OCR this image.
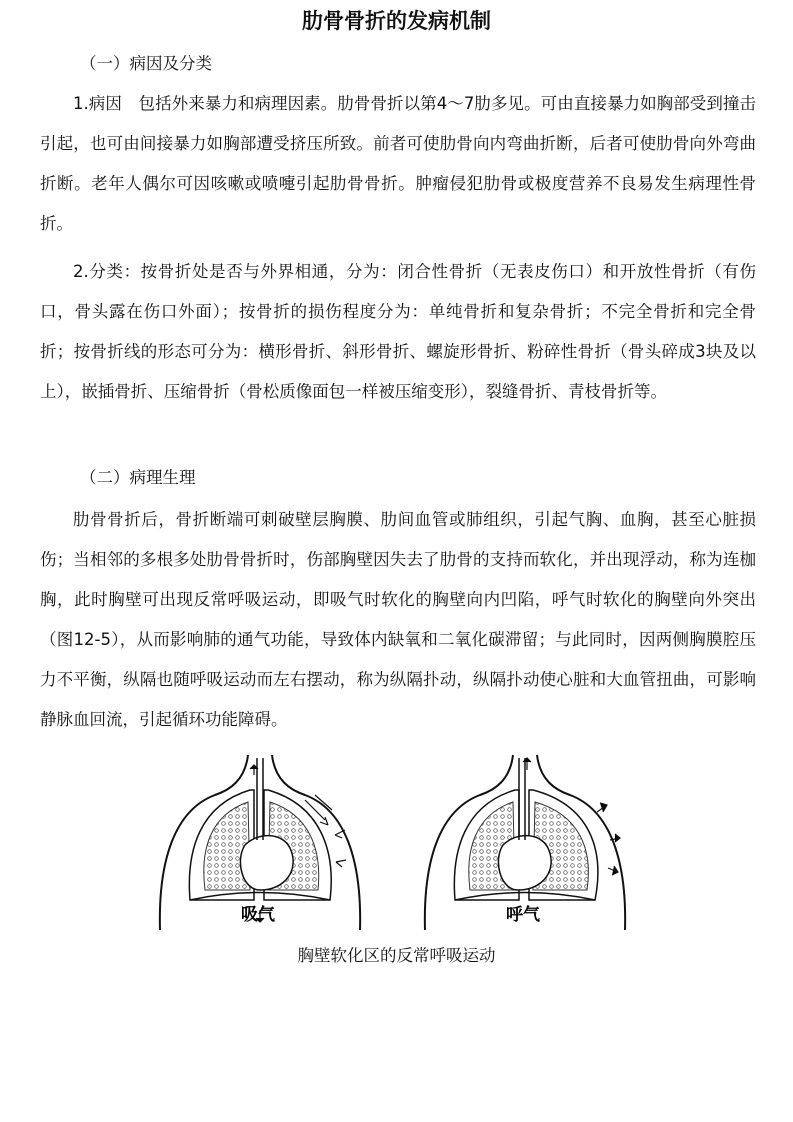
肋骨骨折的发病机制
（一）病因及分类

1.病因　包括外来暴力和病理因素。肋骨骨折以第4～7肋多见。可由直接暴力如胸部受到撞击引起，也可由间接暴力如胸部遭受挤压所致。前者可使肋骨向内弯曲折断，后者可使肋骨向外弯曲折断。老年人偶尔可因咳嗽或喷嚏引起肋骨骨折。肿瘤侵犯肋骨或极度营养不良易发生病理性骨折。

2.分类：按骨折处是否与外界相通，分为：闭合性骨折（无表皮伤口）和开放性骨折（有伤口，骨头露在伤口外面）；按骨折的损伤程度分为：单纯骨折和复杂骨折；不完全骨折和完全骨折；按骨折线的形态可分为：横形骨折、斜形骨折、螺旋形骨折、粉碎性骨折（骨头碎成3块及以上），嵌插骨折、压缩骨折（骨松质像面包一样被压缩变形），裂缝骨折、青枝骨折等。

（二）病理生理

肋骨骨折后，骨折断端可刺破壁层胸膜、肋间血管或肺组织，引起气胸、血胸，甚至心脏损伤；当相邻的多根多处肋骨骨折时，伤部胸壁因失去了肋骨的支持而软化，并出现浮动，称为连枷胸，此时胸壁可出现反常呼吸运动，即吸气时软化的胸壁向内凹陷，呼气时软化的胸壁向外突出（图12-5），从而影响肺的通气功能，导致体内缺氧和二氧化碳滞留；与此同时，因两侧胸膜腔压力不平衡，纵隔也随呼吸运动而左右摆动，称为纵隔扑动，纵隔扑动使心脏和大血管扭曲，可影响静脉血回流，引起循环功能障碍。

吸气	呼气
胸壁软化区的反常呼吸运动
